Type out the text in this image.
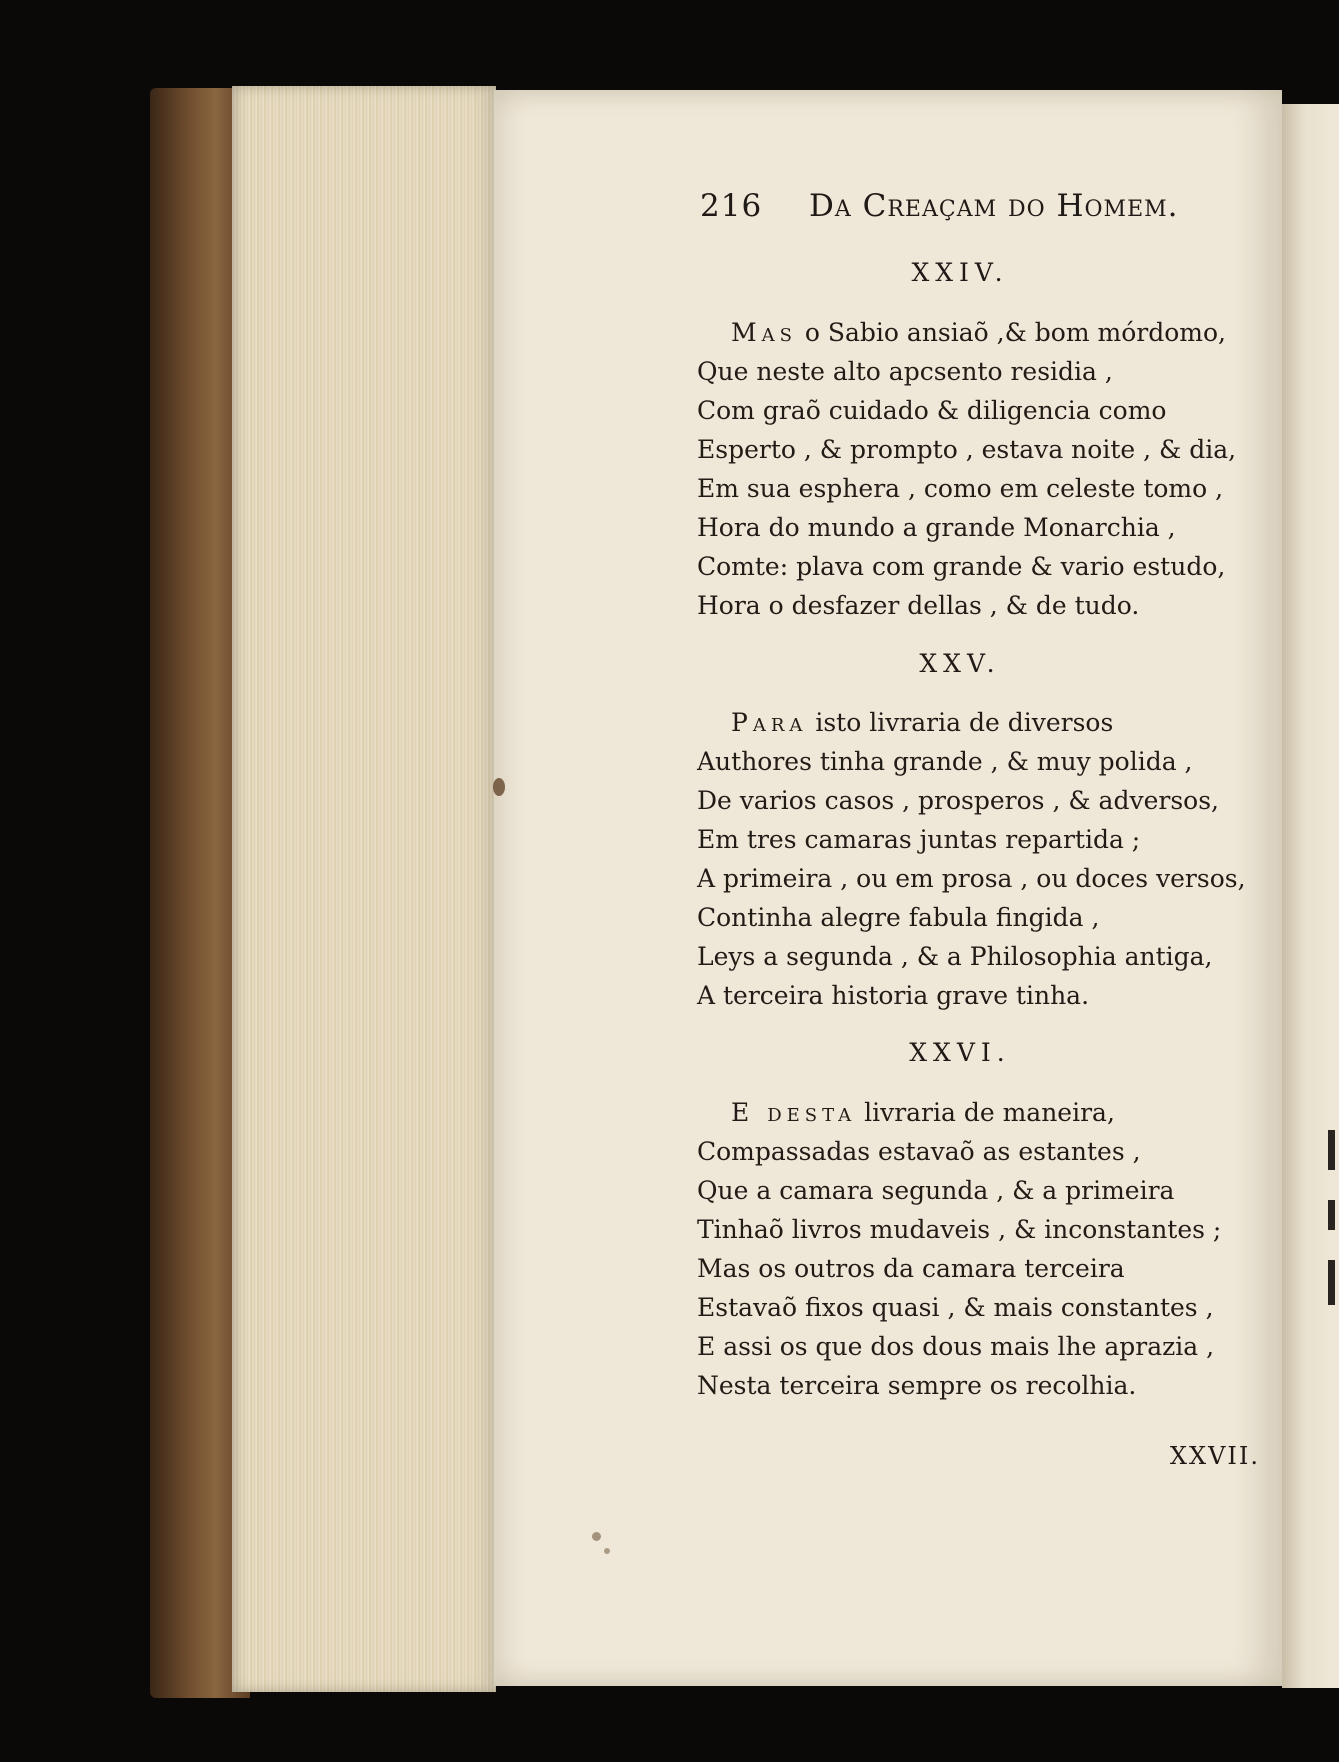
216 Da Creaçam do Homem.
XXIV.
Mas o Sabio ansiaõ ,& bom mórdomo,
Que neste alto apcsento residia ,
Com graõ cuidado & diligencia como
Esperto , & prompto , estava noite , & dia,
Em sua esphera , como em celeste tomo ,
Hora do mundo a grande Monarchia ,
Comte: plava com grande & vario estudo,
Hora o desfazer dellas , & de tudo.
XXV.
Para isto livraria de diversos
Authores tinha grande , & muy polida ,
De varios casos , prosperos , & adversos,
Em tres camaras juntas repartida ;
A primeira , ou em prosa , ou doces versos,
Continha alegre fabula fingida ,
Leys a segunda , & a Philosophia antiga,
A terceira historia grave tinha.
XXVI.
E desta livraria de maneira,
Compassadas estavaõ as estantes ,
Que a camara segunda , & a primeira
Tinhaõ livros mudaveis , & inconstantes ;
Mas os outros da camara terceira
Estavaõ fixos quasi , & mais constantes ,
E assi os que dos dous mais lhe aprazia ,
Nesta terceira sempre os recolhia.
XXVII.
